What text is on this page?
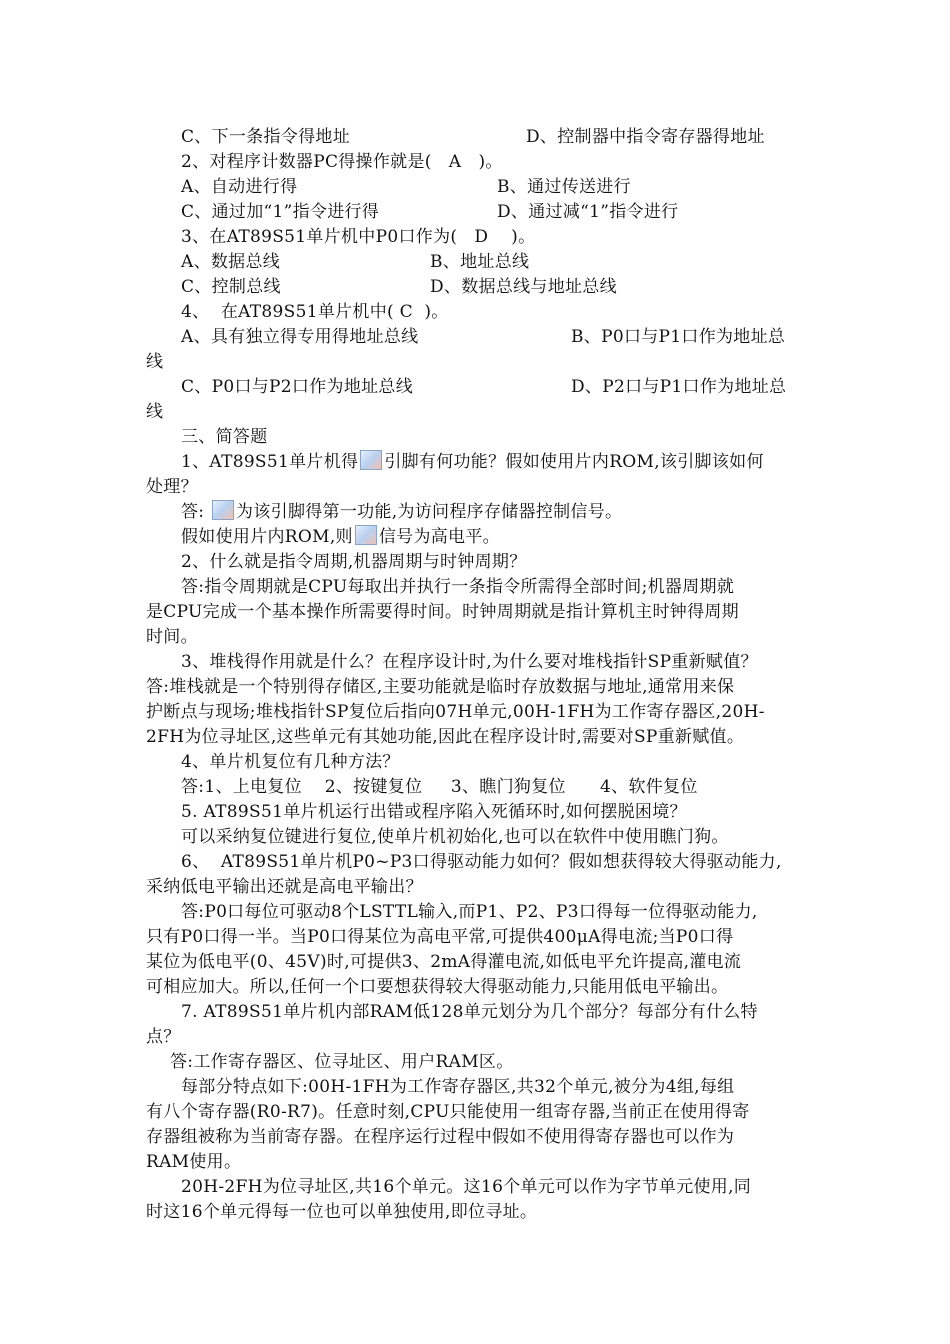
C、下一条指令得地址	D、控制器中指令寄存器得地址
2、对程序计数器PC得操作就是(   A   )。
A、自动进行得	B、通过传送进行
C、通过加“1”指令进行得	D、通过减“1”指令进行
3、在AT89S51单片机中P0口作为(   D    )。
A、数据总线	B、地址总线
C、控制总线	D、数据总线与地址总线
4、  在AT89S51单片机中( C  )。
A、具有独立得专用得地址总线	B、P0口与P1口作为地址总
线
C、P0口与P2口作为地址总线	D、P2口与P1口作为地址总
线
三、简答题
1、AT89S51单片机得 引脚有何功能？假如使用片内ROM,该引脚该如何
处理？
答: 为该引脚得第一功能,为访问程序存储器控制信号。
假如使用片内ROM,则 信号为高电平。
2、什么就是指令周期,机器周期与时钟周期？
答:指令周期就是CPU每取出并执行一条指令所需得全部时间;机器周期就
是CPU完成一个基本操作所需要得时间。时钟周期就是指计算机主时钟得周期
时间。
3、堆栈得作用就是什么？在程序设计时,为什么要对堆栈指针SP重新赋值？
答:堆栈就是一个特别得存储区,主要功能就是临时存放数据与地址,通常用来保
护断点与现场;堆栈指针SP复位后指向07H单元,00H-1FH为工作寄存器区,20H-
2FH为位寻址区,这些单元有其她功能,因此在程序设计时,需要对SP重新赋值。
4、单片机复位有几种方法？
答:1、上电复位    2、按键复位     3、瞧门狗复位      4、软件复位
5. AT89S51单片机运行出错或程序陷入死循环时,如何摆脱困境？
可以采纳复位键进行复位,使单片机初始化,也可以在软件中使用瞧门狗。
6、  AT89S51单片机P0~P3口得驱动能力如何？假如想获得较大得驱动能力,
采纳低电平输出还就是高电平输出？
答:P0口每位可驱动8个LSTTL输入,而P1、P2、P3口得每一位得驱动能力,
只有P0口得一半。当P0口得某位为高电平常,可提供400μA得电流;当P0口得
某位为低电平(0、45V)时,可提供3、2mA得灌电流,如低电平允许提高,灌电流
可相应加大。所以,任何一个口要想获得较大得驱动能力,只能用低电平输出。
7. AT89S51单片机内部RAM低128单元划分为几个部分？每部分有什么特
点？
答:工作寄存器区、位寻址区、用户RAM区。
每部分特点如下:00H-1FH为工作寄存器区,共32个单元,被分为4组,每组
有八个寄存器(R0-R7)。任意时刻,CPU只能使用一组寄存器,当前正在使用得寄
存器组被称为当前寄存器。在程序运行过程中假如不使用得寄存器也可以作为
RAM使用。
20H-2FH为位寻址区,共16个单元。这16个单元可以作为字节单元使用,同
时这16个单元得每一位也可以单独使用,即位寻址。
